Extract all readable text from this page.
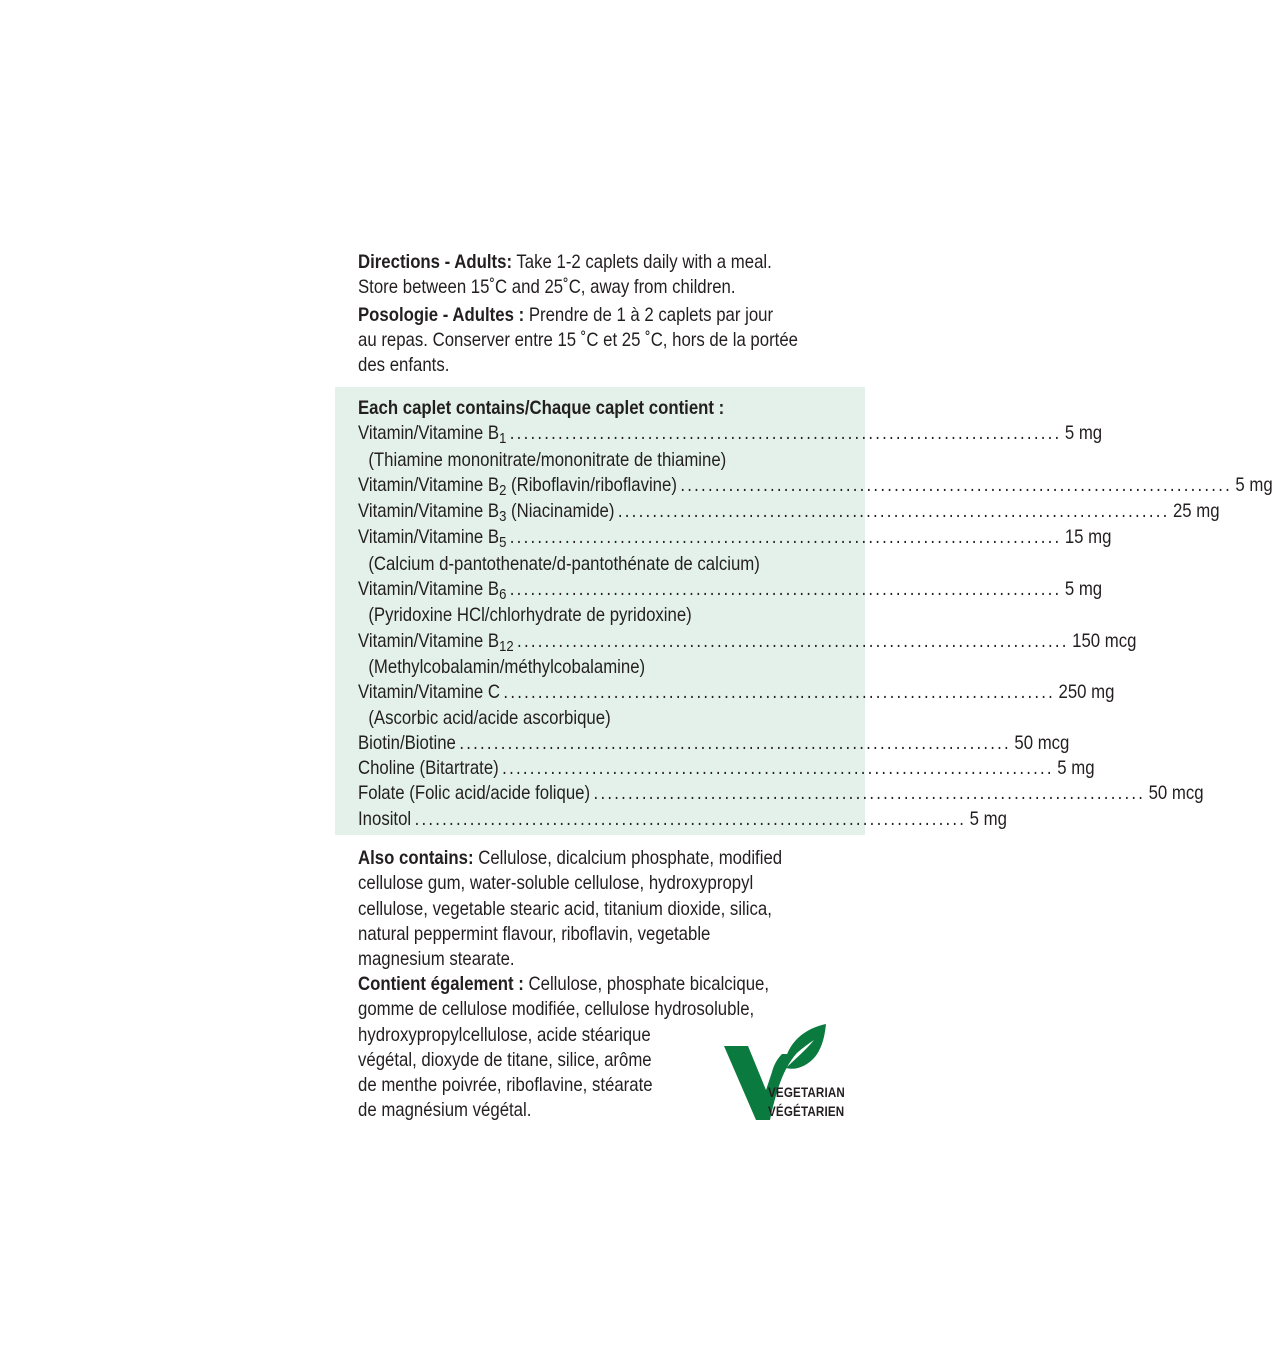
Directions - Adults: Take 1-2 caplets daily with a meal.
Store between 15˚C and 25˚C, away from children.

Posologie - Adultes : Prendre de 1 à 2 caplets par jour
au repas. Conserver entre 15 ˚C et 25 ˚C, hors de la portée
des enfants.

Each caplet contains/Chaque caplet contient :
Vitamin/Vitamine $B_1$ ................................................................................ 5 mg
(Thiamine mononitrate/mononitrate de thiamine)
Vitamin/Vitamine $B_2$ (Riboflavin/riboflavine) ................................................................................ 5 mg
Vitamin/Vitamine $B_3$ (Niacinamide) ................................................................................ 25 mg
Vitamin/Vitamine $B_5$ ................................................................................ 15 mg
(Calcium d-pantothenate/d-pantothénate de calcium)
Vitamin/Vitamine $B_6$ ................................................................................ 5 mg
(Pyridoxine HCl/chlorhydrate de pyridoxine)
Vitamin/Vitamine $B_{12}$ ................................................................................ 150 mcg
(Methylcobalamin/méthylcobalamine)
Vitamin/Vitamine C ................................................................................ 250 mg
(Ascorbic acid/acide ascorbique)
Biotin/Biotine ................................................................................ 50 mcg
Choline (Bitartrate) ................................................................................ 5 mg
Folate (Folic acid/acide folique) ................................................................................ 50 mcg
Inositol ................................................................................ 5 mg
Also contains: Cellulose, dicalcium phosphate, modified
cellulose gum, water-soluble cellulose, hydroxypropyl
cellulose, vegetable stearic acid, titanium dioxide, silica,
natural peppermint flavour, riboflavin, vegetable
magnesium stearate.
Contient également : Cellulose, phosphate bicalcique,
gomme de cellulose modifiée, cellulose hydrosoluble,
hydroxypropylcellulose, acide stéarique
végétal, dioxyde de titane, silice, arôme
de menthe poivrée, riboflavine, stéarate
de magnésium végétal.
VEGETARIAN
VÉGÉTARIEN
